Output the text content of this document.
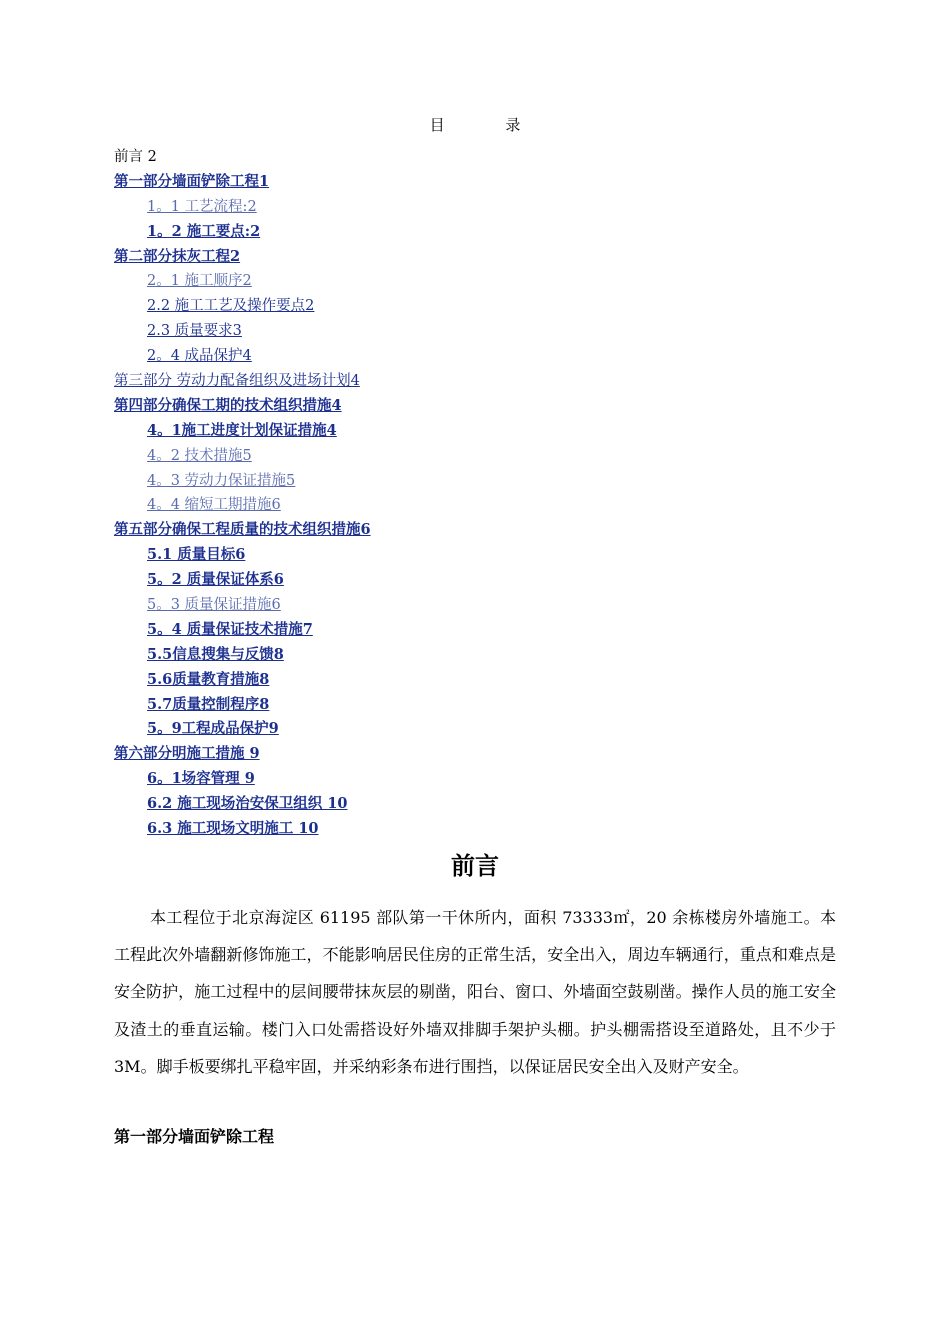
目 录
前言 2
第一部分墙面铲除工程1
1。1 工艺流程:2
1。2 施工要点:2
第二部分抹灰工程2
2。1 施工顺序2
2.2 施工工艺及操作要点2
2.3 质量要求3
2。4 成品保护4
第三部分 劳动力配备组织及进场计划4
第四部分确保工期的技术组织措施4
4。1施工进度计划保证措施4
4。2 技术措施5
4。3 劳动力保证措施5
4。4 缩短工期措施6
第五部分确保工程质量的技术组织措施6
5.1 质量目标6
5。2 质量保证体系6
5。3 质量保证措施6
5。4 质量保证技术措施7
5.5信息搜集与反馈8
5.6质量教育措施8
5.7质量控制程序8
5。9工程成品保护9
第六部分明施工措施 9
6。1场容管理 9
6.2 施工现场治安保卫组织 10
6.3 施工现场文明施工 10
前言
本工程位于北京海淀区 61195 部队第一干休所内，面积 73333㎡，20 余栋楼房外墙施工。本工程此次外墙翻新修饰施工，不能影响居民住房的正常生活，安全出入，周边车辆通行，重点和难点是安全防护，施工过程中的层间腰带抹灰层的剔凿，阳台、窗口、外墙面空鼓剔凿。操作人员的施工安全及渣土的垂直运输。楼门入口处需搭设好外墙双排脚手架护头棚。护头棚需搭设至道路处，且不少于 3M。脚手板要绑扎平稳牢固，并采纳彩条布进行围挡，以保证居民安全出入及财产安全。
第一部分墙面铲除工程
